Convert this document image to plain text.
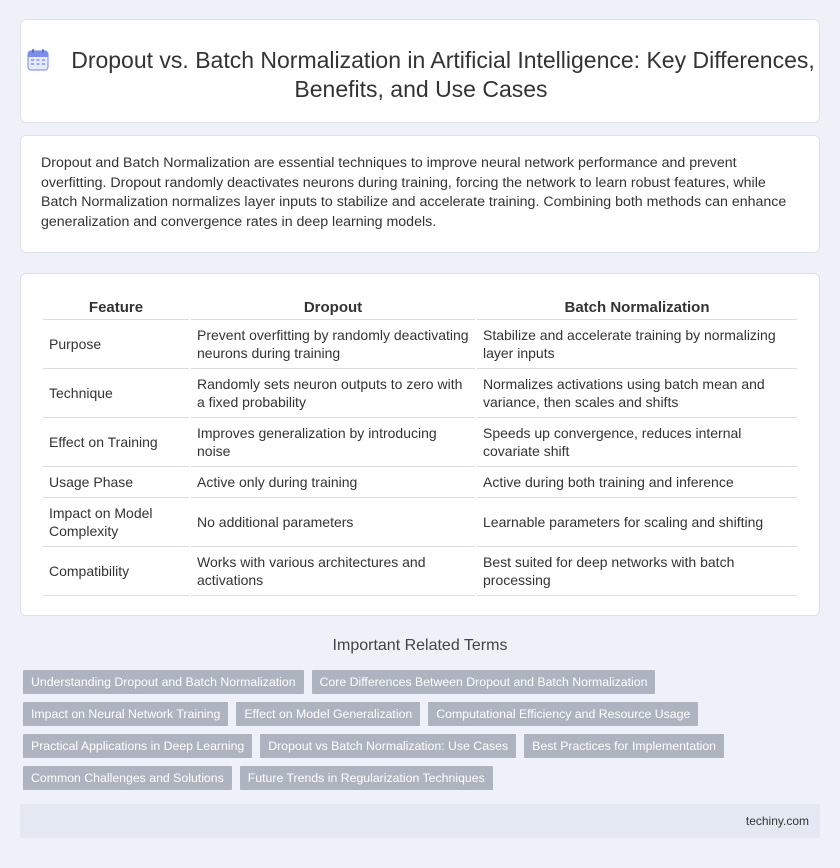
Dropout vs. Batch Normalization in Artificial Intelligence: Key Differences, Benefits, and Use Cases

Dropout and Batch Normalization are essential techniques to improve neural network performance and prevent overfitting. Dropout randomly deactivates neurons during training, forcing the network to learn robust features, while Batch Normalization normalizes layer inputs to stabilize and accelerate training. Combining both methods can enhance generalization and convergence rates in deep learning models.

Feature	Dropout	Batch Normalization
Purpose	Prevent overfitting by randomly deactivating neurons during training	Stabilize and accelerate training by normalizing layer inputs
Technique	Randomly sets neuron outputs to zero with a fixed probability	Normalizes activations using batch mean and variance, then scales and shifts
Effect on Training	Improves generalization by introducing noise	Speeds up convergence, reduces internal covariate shift
Usage Phase	Active only during training	Active during both training and inference
Impact on Model Complexity	No additional parameters	Learnable parameters for scaling and shifting
Compatibility	Works with various architectures and activations	Best suited for deep networks with batch processing
Important Related Terms
Understanding Dropout and Batch Normalization	Core Differences Between Dropout and Batch Normalization
Impact on Neural Network Training	Effect on Model Generalization	Computational Efficiency and Resource Usage
Practical Applications in Deep Learning	Dropout vs Batch Normalization: Use Cases	Best Practices for Implementation
Common Challenges and Solutions	Future Trends in Regularization Techniques
techiny.com
